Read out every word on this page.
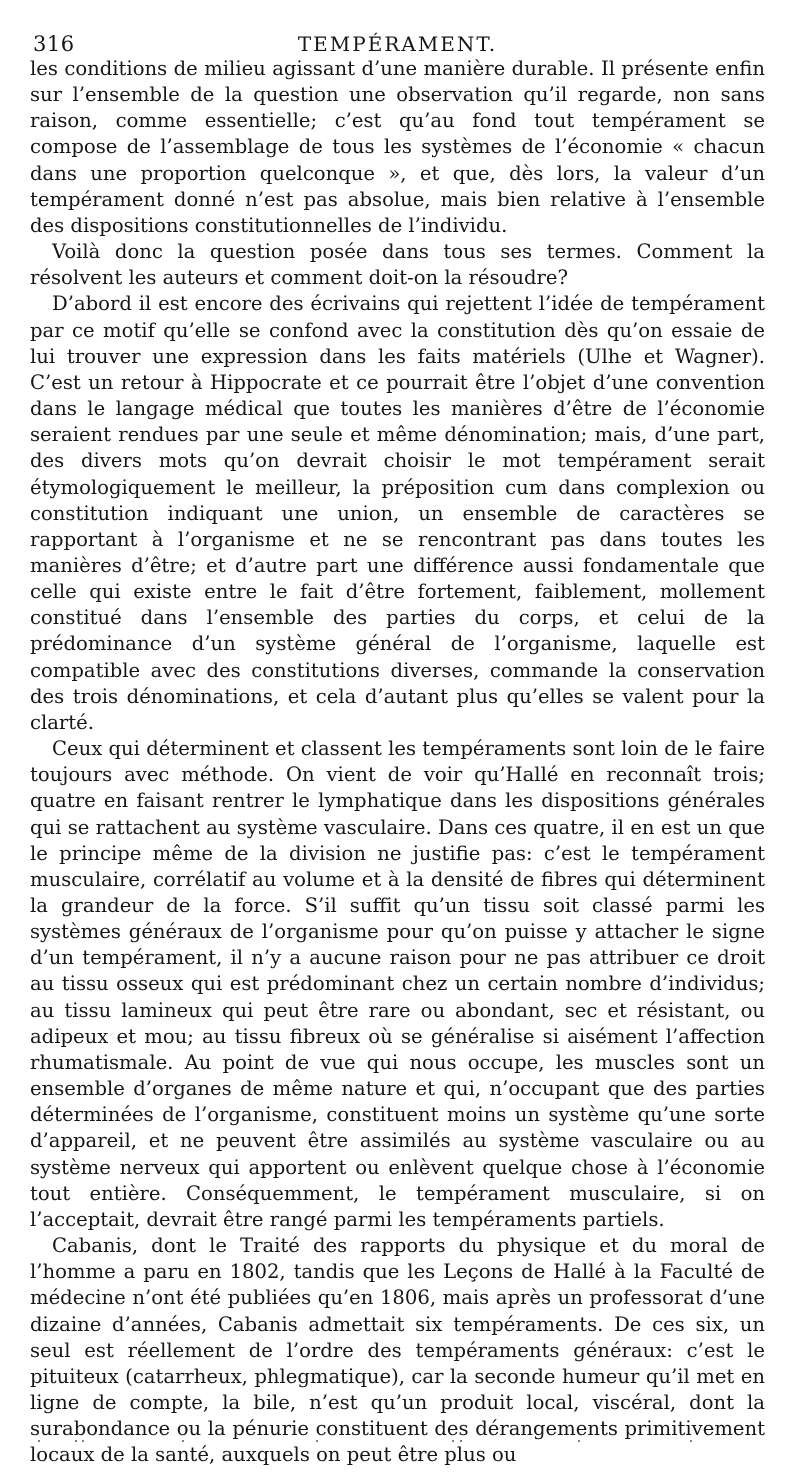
316	TEMPÉRAMENT.

les conditions de milieu agissant d’une manière durable. Il présente enfin sur l’ensemble de la question une observation qu’il regarde, non sans raison, comme essentielle; c’est qu’au fond tout tempérament se compose de l’assemblage de tous les systèmes de l’économie « chacun dans une proportion quelconque », et que, dès lors, la valeur d’un tempérament donné n’est pas absolue, mais bien relative à l’ensemble des dispositions constitutionnelles de l’individu.

Voilà donc la question posée dans tous ses termes. Comment la résolvent les auteurs et comment doit-on la résoudre?

D’abord il est encore des écrivains qui rejettent l’idée de tempérament par ce motif qu’elle se confond avec la constitution dès qu’on essaie de lui trouver une expression dans les faits matériels (Ulhe et Wagner). C’est un retour à Hippocrate et ce pourrait être l’objet d’une convention dans le langage médical que toutes les manières d’être de l’économie seraient rendues par une seule et même dénomination; mais, d’une part, des divers mots qu’on devrait choisir le mot tempérament serait étymologiquement le meilleur, la préposition cum dans complexion ou constitution indiquant une union, un ensemble de caractères se rapportant à l’organisme et ne se rencontrant pas dans toutes les manières d’être; et d’autre part une différence aussi fondamentale que celle qui existe entre le fait d’être fortement, faiblement, mollement constitué dans l’ensemble des parties du corps, et celui de la prédominance d’un système général de l’organisme, laquelle est compatible avec des constitutions diverses, commande la conservation des trois dénominations, et cela d’autant plus qu’elles se valent pour la clarté.

Ceux qui déterminent et classent les tempéraments sont loin de le faire toujours avec méthode. On vient de voir qu’Hallé en reconnaît trois; quatre en faisant rentrer le lymphatique dans les dispositions générales qui se rattachent au système vasculaire. Dans ces quatre, il en est un que le principe même de la division ne justifie pas: c’est le tempérament musculaire, corrélatif au volume et à la densité de fibres qui déterminent la grandeur de la force. S’il suffit qu’un tissu soit classé parmi les systèmes généraux de l’organisme pour qu’on puisse y attacher le signe d’un tempérament, il n’y a aucune raison pour ne pas attribuer ce droit au tissu osseux qui est prédominant chez un certain nombre d’individus; au tissu lamineux qui peut être rare ou abondant, sec et résistant, ou adipeux et mou; au tissu fibreux où se généralise si aisément l’affection rhumatismale. Au point de vue qui nous occupe, les muscles sont un ensemble d’organes de même nature et qui, n’occupant que des parties déterminées de l’organisme, constituent moins un système qu’une sorte d’appareil, et ne peuvent être assimilés au système vasculaire ou au système nerveux qui apportent ou enlèvent quelque chose à l’économie tout entière. Conséquemment, le tempérament musculaire, si on l’acceptait, devrait être rangé parmi les tempéraments partiels.

Cabanis, dont le Traité des rapports du physique et du moral de l’homme a paru en 1802, tandis que les Leçons de Hallé à la Faculté de médecine n’ont été publiées qu’en 1806, mais après un professorat d’une dizaine d’années, Cabanis admettait six tempéraments. De ces six, un seul est réellement de l’ordre des tempéraments généraux: c’est le pituiteux (catarrheux, phlegmatique), car la seconde humeur qu’il met en ligne de compte, la bile, n’est qu’un produit local, viscéral, dont la surabondance ou la pénurie constituent des dérangements primitivement locaux de la santé, auxquels on peut être plus ou
